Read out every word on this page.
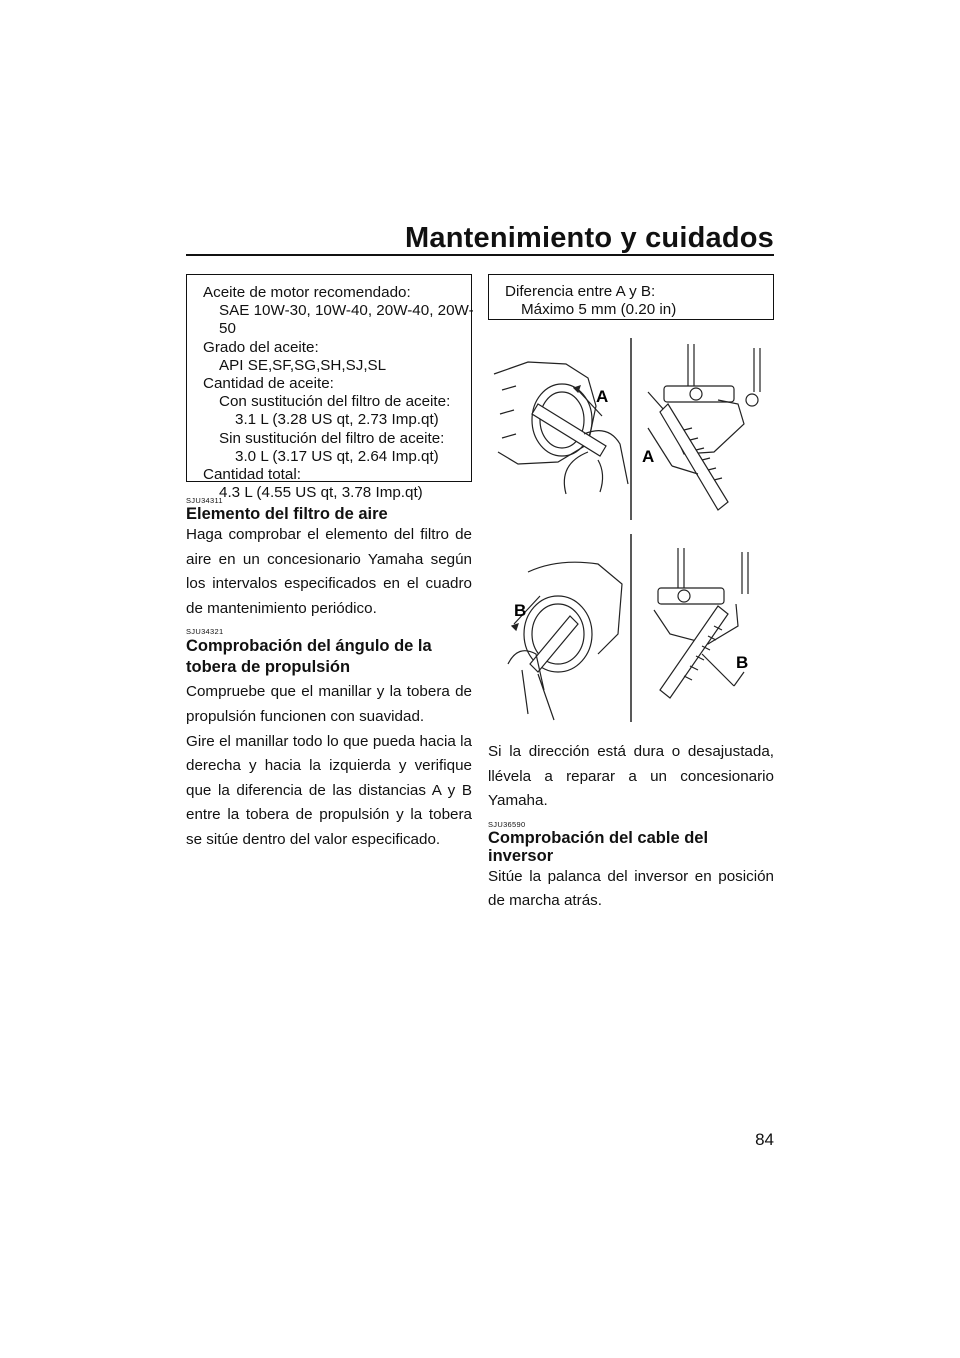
Mantenimiento y cuidados
Aceite de motor recomendado:
SAE 10W-30, 10W-40, 20W-40, 20W-
50
Grado del aceite:
API SE,SF,SG,SH,SJ,SL
Cantidad de aceite:
Con sustitución del filtro de aceite:
3.1 L (3.28 US qt, 2.73 Imp.qt)
Sin sustitución del filtro de aceite:
3.0 L (3.17 US qt, 2.64 Imp.qt)
Cantidad total:
4.3 L (4.55 US qt, 3.78 Imp.qt)
Diferencia entre A y B:
Máximo 5 mm (0.20 in)
SJU34311
Elemento del filtro de aire
Haga comprobar el elemento del filtro de aire en un concesionario Yamaha según los intervalos especificados en el cuadro de mantenimiento periódico.
SJU34321
Comprobación del ángulo de la tobera de propulsión
Compruebe que el manillar y la tobera de propulsión funcionen con suavidad.
Gire el manillar todo lo que pueda hacia la derecha y hacia la izquierda y verifique que la diferencia de las distancias A y B entre la tobera de propulsión y la tobera se sitúe dentro del valor especificado.
A
A
B
B
Si la dirección está dura o desajustada, llévela a reparar a un concesionario Yamaha.
SJU36590
Comprobación del cable del inversor
Sitúe la palanca del inversor en posición de marcha atrás.
84
